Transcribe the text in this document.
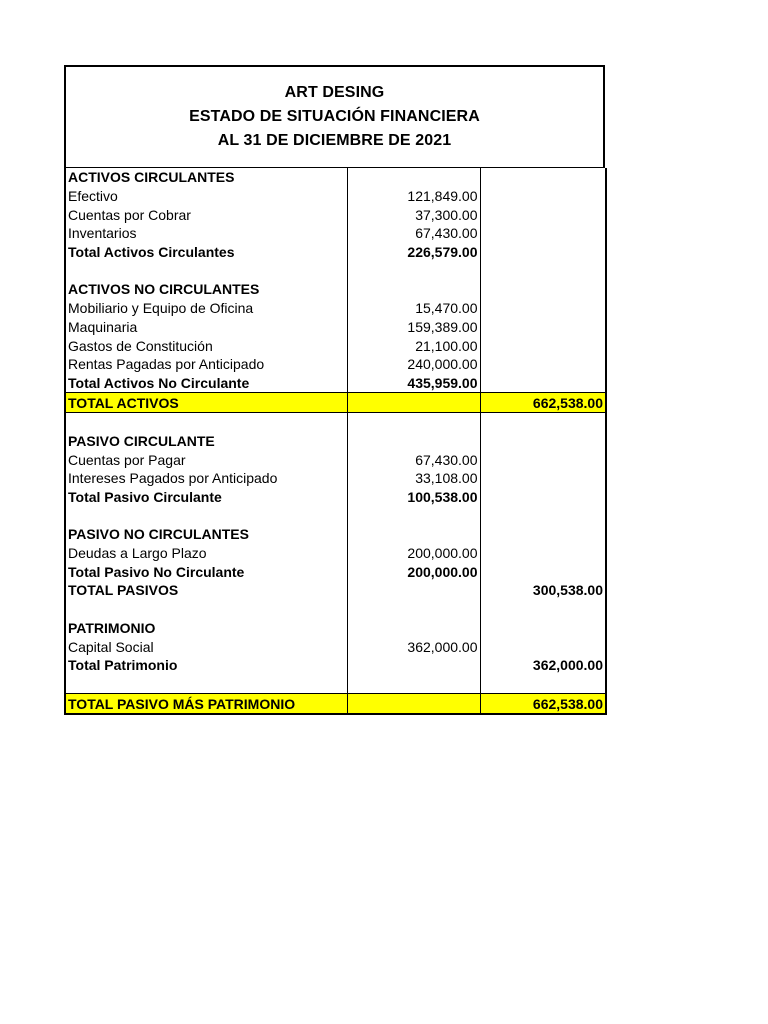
ART DESING
ESTADO DE SITUACIÓN FINANCIERA
AL 31 DE DICIEMBRE DE 2021
ACTIVOS CIRCULANTES		
Efectivo	121,849.00	
Cuentas por Cobrar	37,300.00	
Inventarios	67,430.00	
Total Activos Circulantes	226,579.00	

ACTIVOS NO CIRCULANTES		
Mobiliario y Equipo de Oficina	15,470.00	
Maquinaria	159,389.00	
Gastos de Constitución	21,100.00	
Rentas Pagadas por Anticipado	240,000.00	
Total Activos No Circulante	435,959.00	
TOTAL ACTIVOS		662,538.00

PASIVO CIRCULANTE		
Cuentas por Pagar	67,430.00	
Intereses Pagados por Anticipado	33,108.00	
Total Pasivo Circulante	100,538.00	

PASIVO NO CIRCULANTES		
Deudas a Largo Plazo	200,000.00	
Total Pasivo No Circulante	200,000.00	
TOTAL PASIVOS		300,538.00

PATRIMONIO		
Capital Social	362,000.00	
Total Patrimonio		362,000.00

TOTAL PASIVO MÁS PATRIMONIO		662,538.00
